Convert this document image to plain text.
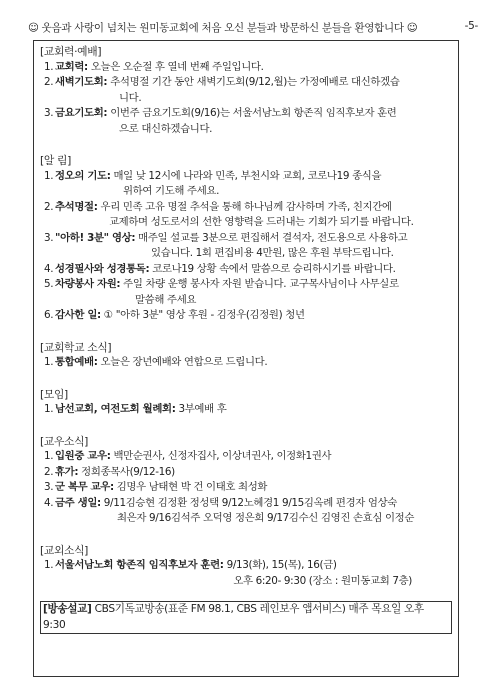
☺ 웃음과 사랑이 넘치는 원미동교회에 처음 오신 분들과 방문하신 분들을 환영합니다 ☺	-5-
[교회력·예배]
1. 교회력: 오늘은 오순절 후 열네 번째 주일입니다.
2. 새벽기도회: 추석명절 기간 동안 새벽기도회(9/12,월)는 가정예배로 대신하겠습
니다.
3. 금요기도회: 이번주 금요기도회(9/16)는 서울서남노회 항존직 임직후보자 훈련
으로 대신하겠습니다.
[알 림]
1. 정오의 기도: 매일 낮 12시에 나라와 민족, 부천시와 교회, 코로나19 종식을
위하여 기도해 주세요.
2. 추석명절: 우리 민족 고유 명절 추석을 통해 하나님께 감사하며 가족, 친지간에
교제하며 성도로서의 선한 영향력을 드러내는 기회가 되기를 바랍니다.
3. "아하! 3분" 영상: 매주일 설교를 3분으로 편집해서 결석자, 전도용으로 사용하고
있습니다. 1회 편집비용 4만원, 많은 후원 부탁드립니다.
4. 성경필사와 성경통독: 코로나19 상황 속에서 말씀으로 승리하시기를 바랍니다.
5. 차량봉사 자원: 주일 차량 운행 봉사자 자원 받습니다. 교구목사님이나 사무실로
말씀해 주세요
6. 감사한 일: ① "아하 3분" 영상 후원 - 김정우(김정원) 청년
[교회학교 소식]
1. 통합예배: 오늘은 장년예배와 연합으로 드립니다.
[모임]
1. 남선교회, 여전도회 월례회: 3부예배 후
[교우소식]
1. 입원중 교우: 백만순권사, 신정자집사, 이상녀권사, 이정화1권사
2. 휴가: 정희종목사(9/12-16)
3. 군 복무 교우: 김명우 남태현 박 건 이태호 최성화
4. 금주 생일: 9/11김승현 김정환 정성택 9/12노혜경1 9/15김옥례 편경자 엄상숙
최은자 9/16김석주 오덕영 정은희 9/17김수신 김영진 손효심 이정순
[교외소식]
1. 서울서남노회 항존직 임직후보자 훈련: 9/13(화), 15(목), 16(금)
오후 6:20- 9:30 (장소 : 원미동교회 7층)
[방송설교] CBS기독교방송(표준 FM 98.1, CBS 레인보우 앱서비스) 매주 목요일 오후 9:30
